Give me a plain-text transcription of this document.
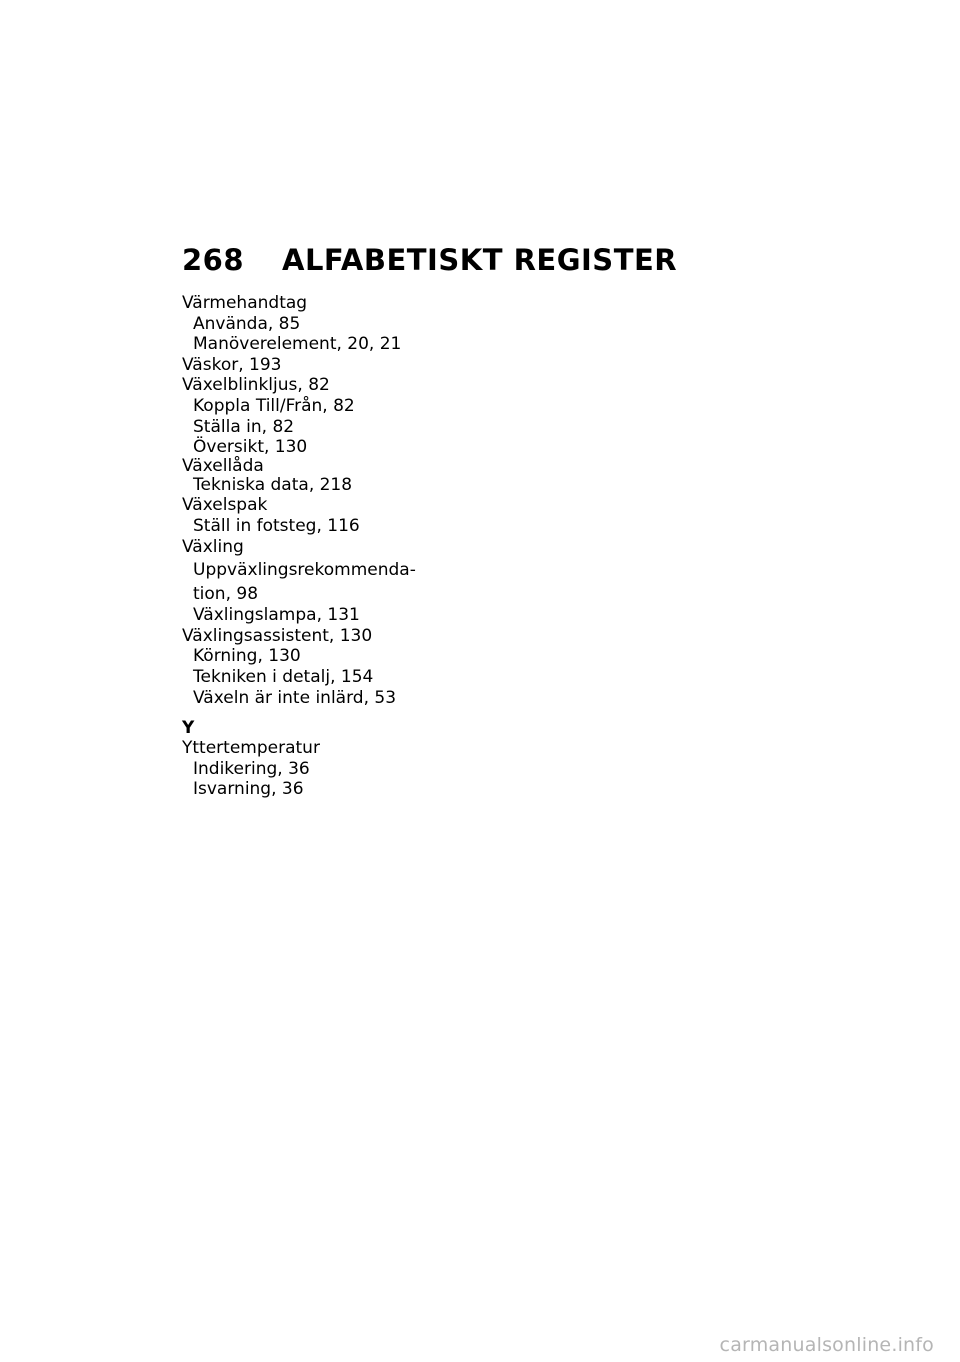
268	ALFABETISKT REGISTER
Värmehandtag
Använda, 85
Manöverelement, 20, 21
Väskor, 193
Växelblinkljus, 82
Koppla Till/Från, 82
Ställa in, 82
Översikt, 130
Växellåda
Tekniska data, 218
Växelspak
Ställ in fotsteg, 116
Växling
Uppväxlingsrekommenda-
tion, 98
Växlingslampa, 131
Växlingsassistent, 130
Körning, 130
Tekniken i detalj, 154
Växeln är inte inlärd, 53
Y
Yttertemperatur
Indikering, 36
Isvarning, 36
carmanualsonline.info
